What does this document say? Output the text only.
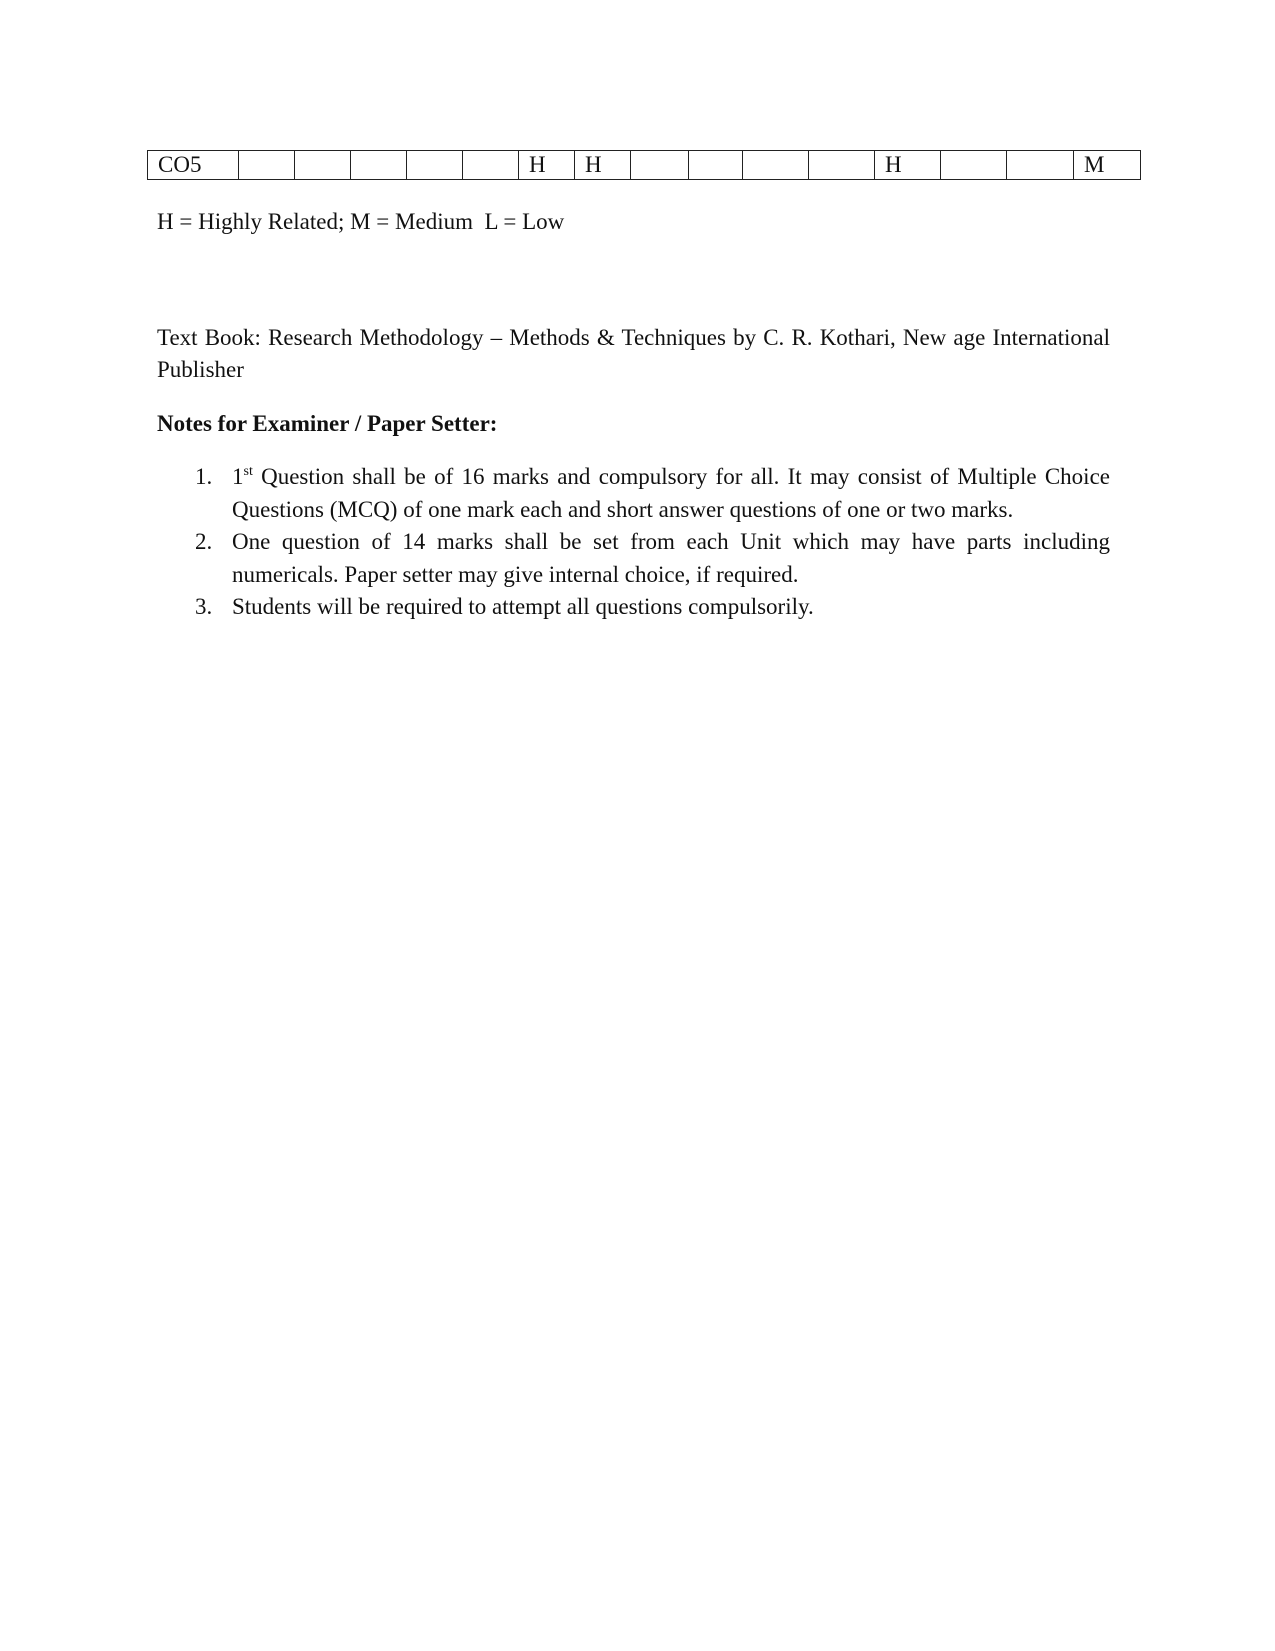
CO5						H	H					H			M
H = Highly Related; M = Medium  L = Low

Text Book: Research Methodology – Methods & Techniques by C. R. Kothari, New age International Publisher

Notes for Examiner / Paper Setter:

1. 1st Question shall be of 16 marks and compulsory for all. It may consist of Multiple Choice Questions (MCQ) of one mark each and short answer questions of one or two marks.
2. One question of 14 marks shall be set from each Unit which may have parts including numericals. Paper setter may give internal choice, if required.
3. Students will be required to attempt all questions compulsorily.
